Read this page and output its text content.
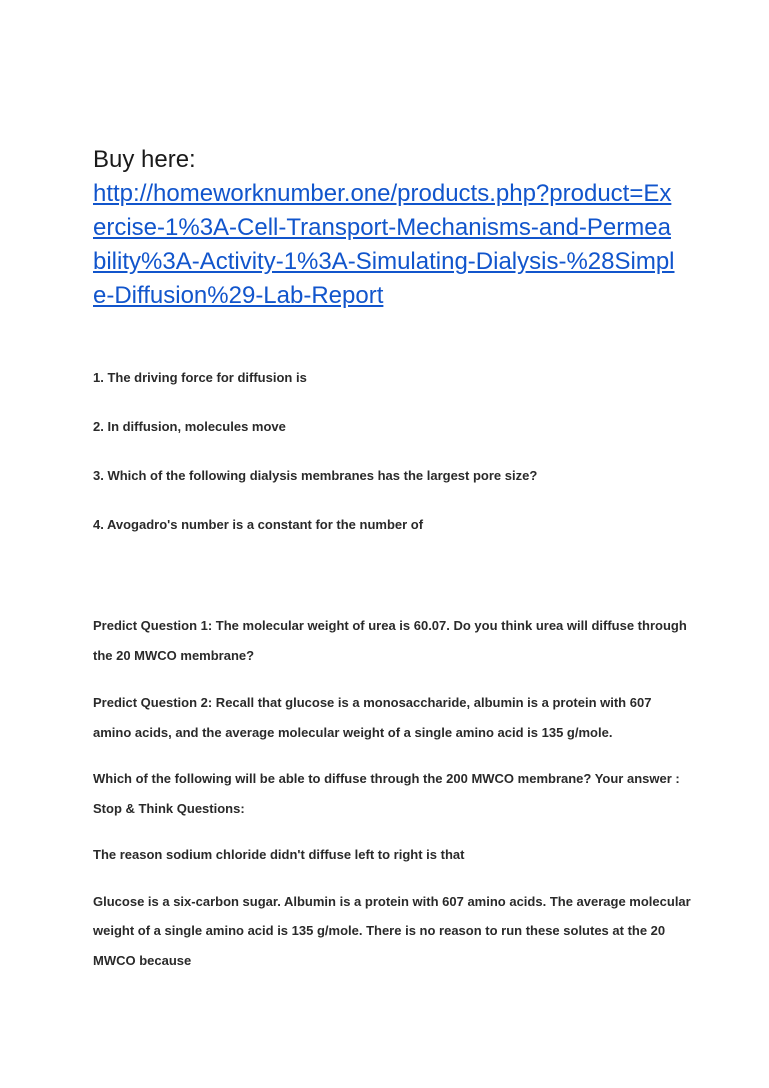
Buy here:

http://homeworknumber.one/products.php?product=Exercise-1%3A-Cell-Transport-Mechanisms-and-Permeability%3A-Activity-1%3A-Simulating-Dialysis-%28Simple-Diffusion%29-Lab-Report

1. The driving force for diffusion is

2. In diffusion, molecules move

3. Which of the following dialysis membranes has the largest pore size?

4. Avogadro's number is a constant for the number of

Predict Question 1: The molecular weight of urea is 60.07. Do you think urea will diffuse through the 20 MWCO membrane?

Predict Question 2: Recall that glucose is a monosaccharide, albumin is a protein with 607 amino acids, and the average molecular weight of a single amino acid is 135 g/mole.

Which of the following will be able to diffuse through the 200 MWCO membrane? Your answer : Stop & Think Questions:

The reason sodium chloride didn't diffuse left to right is that

Glucose is a six-carbon sugar. Albumin is a protein with 607 amino acids. The average molecular weight of a single amino acid is 135 g/mole. There is no reason to run these solutes at the 20 MWCO because
